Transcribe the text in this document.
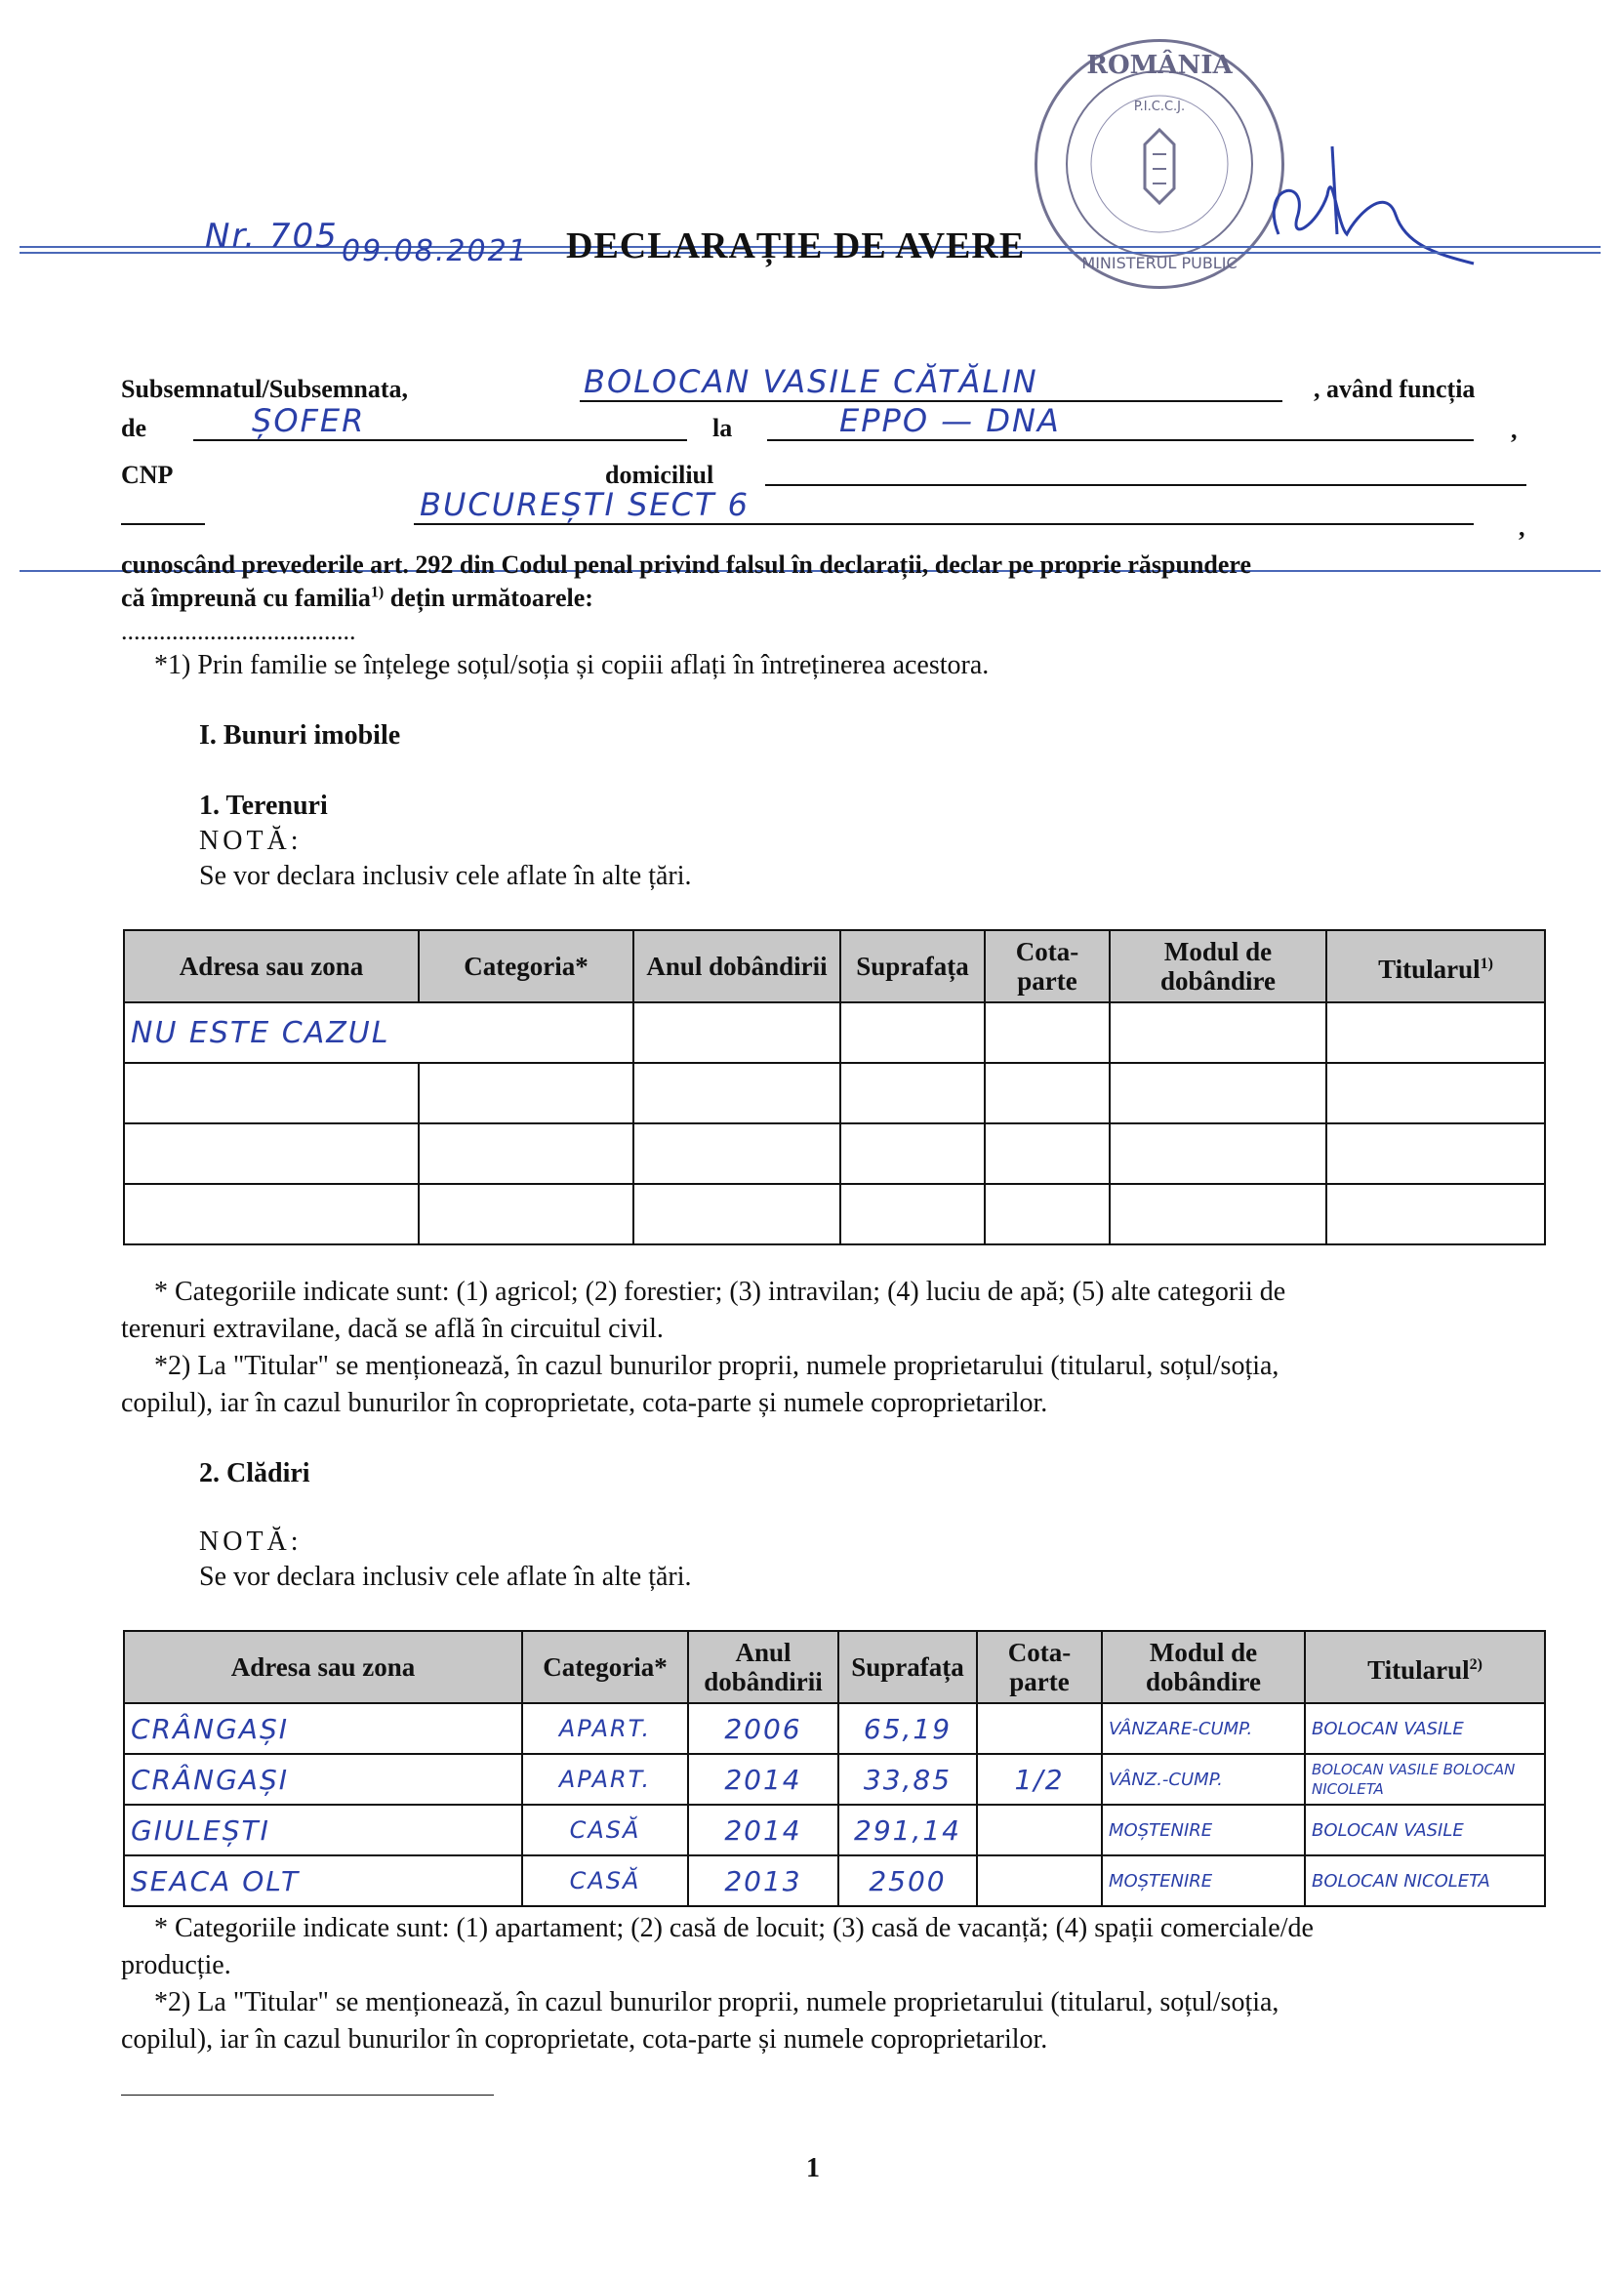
ROMÂNIA
P.I.C.C.J.
MINISTERUL PUBLIC
Nr. 705 09.08.2021 DECLARAȚIE DE AVERE
Subsemnatul/Subsemnata,	BOLOCAN VASILE CĂTĂLIN	, având funcția
de	ȘOFER	la	EPPO — DNA	,
CNP	domiciliul
BUCUREȘTI SECT 6
,
cunoscând prevederile art. 292 din Codul penal privind falsul în declarații, declar pe proprie răspundere
că împreună cu familia$^{1)}$ dețin următoarele:
.....................................
*1) Prin familie se înțelege soțul/soția și copiii aflați în întreținerea acestora.
I. Bunuri imobile
1. Terenuri
NOTĂ:
Se vor declara inclusiv cele aflate în alte țări.
Adresa sau zona	Categoria*	Anul dobândirii	Suprafața	Cota-parte	Modul de dobândire	Titularul$^{1)}$
NU ESTE CAZUL						

* Categoriile indicate sunt: (1) agricol; (2) forestier; (3) intravilan; (4) luciu de apă; (5) alte categorii de
terenuri extravilane, dacă se află în circuitul civil.
*2) La "Titular" se menționează, în cazul bunurilor proprii, numele proprietarului (titularul, soțul/soția,
copilul), iar în cazul bunurilor în coproprietate, cota-parte și numele coproprietarilor.
2. Clădiri
NOTĂ:
Se vor declara inclusiv cele aflate în alte țări.
Adresa sau zona	Categoria*	Anul dobândirii	Suprafața	Cota-parte	Modul de dobândire	Titularul$^{2)}$
CRÂNGAȘI	APART.	2006	65,19		VÂNZARE-CUMP.	BOLOCAN VASILE
CRÂNGAȘI	APART.	2014	33,85	1/2	VÂNZ.-CUMP.	BOLOCAN VASILE BOLOCAN NICOLETA
GIULEȘTI	CASĂ	2014	291,14		MOȘTENIRE	BOLOCAN VASILE
SEACA OLT	CASĂ	2013	2500		MOȘTENIRE	BOLOCAN NICOLETA
* Categoriile indicate sunt: (1) apartament; (2) casă de locuit; (3) casă de vacanță; (4) spații comerciale/de
producție.
*2) La "Titular" se menționează, în cazul bunurilor proprii, numele proprietarului (titularul, soțul/soția,
copilul), iar în cazul bunurilor în coproprietate, cota-parte și numele coproprietarilor.
1
